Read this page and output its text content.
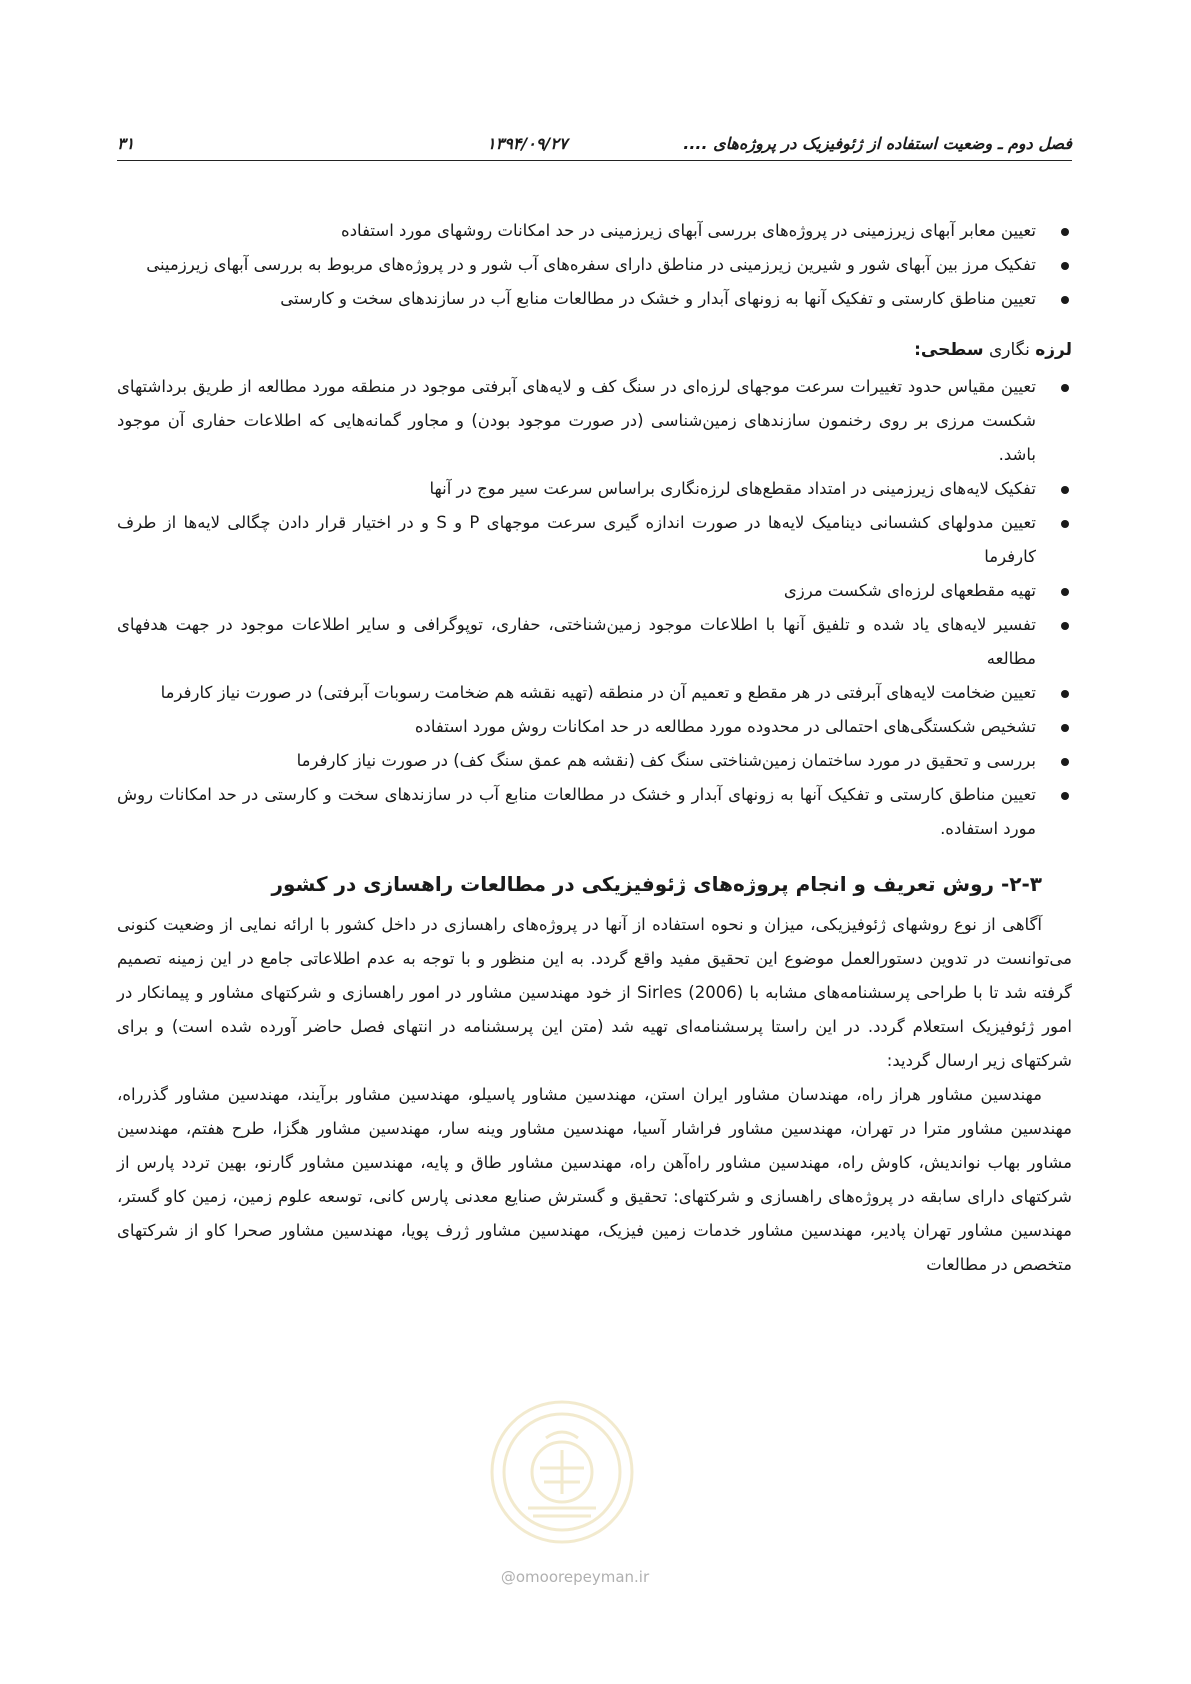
فصل دوم ـ وضعیت استفاده از ژئوفیزیک در پروژه‌های ....
۱۳۹۴/۰۹/۲۷
۳۱
تعیین معابر آبهای زیرزمینی در پروژه‌های بررسی آبهای زیرزمینی در حد امکانات روشهای مورد استفاده
تفکیک مرز بین آبهای شور و شیرین زیرزمینی در مناطق دارای سفره‌های آب شور و در پروژه‌های مربوط به بررسی آبهای زیرزمینی
تعیین مناطق کارستی و تفکیک آنها به زونهای آبدار و خشک در مطالعات منابع آب در سازندهای سخت و کارستی
لرزه نگاری سطحی:
تعیین مقیاس حدود تغییرات سرعت موجهای لرزه‌ای در سنگ کف و لایه‌های آبرفتی موجود در منطقه مورد مطالعه از طریق برداشتهای شکست مرزی بر روی رخنمون سازندهای زمین‌شناسی (در صورت موجود بودن) و مجاور گمانه‌هایی که اطلاعات حفاری آن موجود باشد.
تفکیک لایه‌های زیرزمینی در امتداد مقطع‌های لرزه‌نگاری براساس سرعت سیر موج در آنها
تعیین مدولهای کشسانی دینامیک لایه‌ها در صورت اندازه گیری سرعت موجهای P و S و در اختیار قرار دادن چگالی لایه‌ها از طرف کارفرما
تهیه مقطعهای لرزه‌ای شکست مرزی
تفسیر لایه‌های یاد شده و تلفیق آنها با اطلاعات موجود زمین‌شناختی، حفاری، توپوگرافی و سایر اطلاعات موجود در جهت هدفهای مطالعه
تعیین ضخامت لایه‌های آبرفتی در هر مقطع و تعمیم آن در منطقه (تهیه نقشه هم ضخامت رسوبات آبرفتی) در صورت نیاز کارفرما
تشخیص شکستگی‌های احتمالی در محدوده مورد مطالعه در حد امکانات روش مورد استفاده
بررسی و تحقیق در مورد ساختمان زمین‌شناختی سنگ کف (نقشه هم عمق سنگ کف) در صورت نیاز کارفرما
تعیین مناطق کارستی و تفکیک آنها به زونهای آبدار و خشک در مطالعات منابع آب در سازندهای سخت و کارستی در حد امکانات روش مورد استفاده.
۲-۳- روش تعریف و انجام پروژه‌های ژئوفیزیکی در مطالعات راهسازی در کشور

آگاهی از نوع روشهای ژئوفیزیکی، میزان و نحوه استفاده از آنها در پروژه‌های راهسازی در داخل کشور با ارائه نمایی از وضعیت کنونی می‌توانست در تدوین دستورالعمل موضوع این تحقیق مفید واقع گردد. به این منظور و با توجه به عدم اطلاعاتی جامع در این زمینه تصمیم گرفته شد تا با طراحی پرسشنامه‌های مشابه با Sirles (2006) از خود مهندسین مشاور در امور راهسازی و شرکتهای مشاور و پیمانکار در امور ژئوفیزیک استعلام گردد. در این راستا پرسشنامه‌ای تهیه شد (متن این پرسشنامه در انتهای فصل حاضر آورده شده است) و برای شرکتهای زیر ارسال گردید:

مهندسین مشاور هراز راه، مهندسان مشاور ایران استن، مهندسین مشاور پاسیلو، مهندسین مشاور برآیند، مهندسین مشاور گذرراه، مهندسین مشاور مترا در تهران، مهندسین مشاور فراشار آسیا، مهندسین مشاور وینه سار، مهندسین مشاور هگزا، طرح هفتم، مهندسین مشاور بهاب نواندیش، کاوش راه، مهندسین مشاور راه‌آهن راه، مهندسین مشاور طاق و پایه، مهندسین مشاور گارنو، بهین تردد پارس از شرکتهای دارای سابقه در پروژه‌های راهسازی و شرکتهای: تحقیق و گسترش صنایع معدنی پارس کانی، توسعه علوم زمین، زمین کاو گستر، مهندسین مشاور تهران پادیر، مهندسین مشاور خدمات زمین فیزیک، مهندسین مشاور ژرف پویا، مهندسین مشاور صحرا کاو از شرکتهای متخصص در مطالعات

@omoorepeyman.ir
